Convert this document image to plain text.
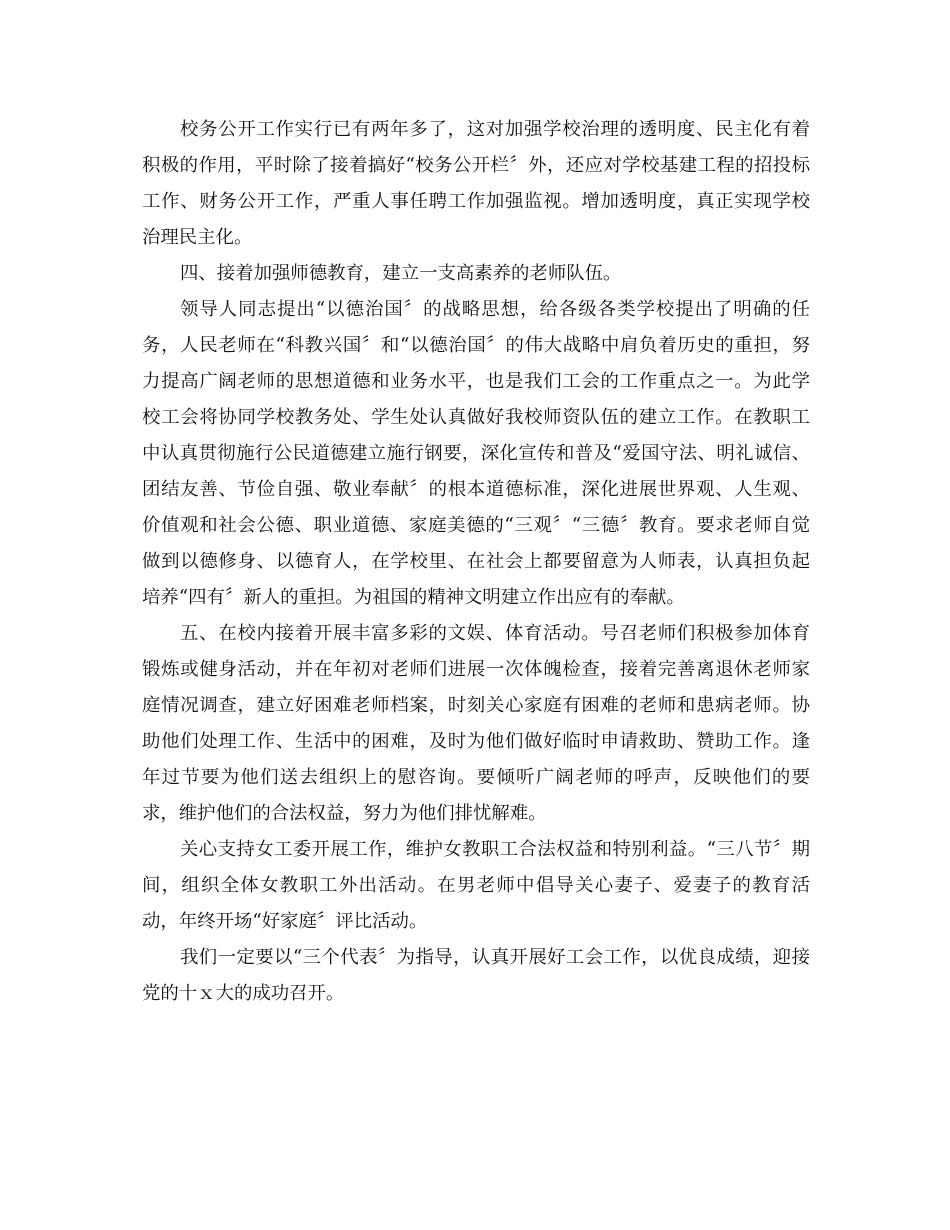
校务公开工作实行已有两年多了，这对加强学校治理的透明度、民主化有着
积极的作用，平时除了接着搞好“校务公开栏〞外，还应对学校基建工程的招投标
工作、财务公开工作，严重人事任聘工作加强监视。增加透明度，真正实现学校
治理民主化。
四、接着加强师德教育，建立一支高素养的老师队伍。
领导人同志提出“以德治国〞的战略思想，给各级各类学校提出了明确的任
务，人民老师在“科教兴国〞和“以德治国〞的伟大战略中肩负着历史的重担，努
力提高广阔老师的思想道德和业务水平，也是我们工会的工作重点之一。为此学
校工会将协同学校教务处、学生处认真做好我校师资队伍的建立工作。在教职工
中认真贯彻施行公民道德建立施行钢要，深化宣传和普及“爱国守法、明礼诚信、
团结友善、节俭自强、敬业奉献〞的根本道德标准，深化进展世界观、人生观、
价值观和社会公德、职业道德、家庭美德的“三观〞“三德〞教育。要求老师自觉
做到以德修身、以德育人，在学校里、在社会上都要留意为人师表，认真担负起
培养“四有〞新人的重担。为祖国的精神文明建立作出应有的奉献。
五、在校内接着开展丰富多彩的文娱、体育活动。号召老师们积极参加体育
锻炼或健身活动，并在年初对老师们进展一次体魄检查，接着完善离退休老师家
庭情况调查，建立好困难老师档案，时刻关心家庭有困难的老师和患病老师。协
助他们处理工作、生活中的困难，及时为他们做好临时申请救助、赞助工作。逢
年过节要为他们送去组织上的慰咨询。要倾听广阔老师的呼声，反映他们的要
求，维护他们的合法权益，努力为他们排忧解难。
关心支持女工委开展工作，维护女教职工合法权益和特别利益。“三八节〞期
间，组织全体女教职工外出活动。在男老师中倡导关心妻子、爱妻子的教育活
动，年终开场“好家庭〞评比活动。
我们一定要以“三个代表〞为指导，认真开展好工会工作，以优良成绩，迎接
党的十ｘ大的成功召开。
